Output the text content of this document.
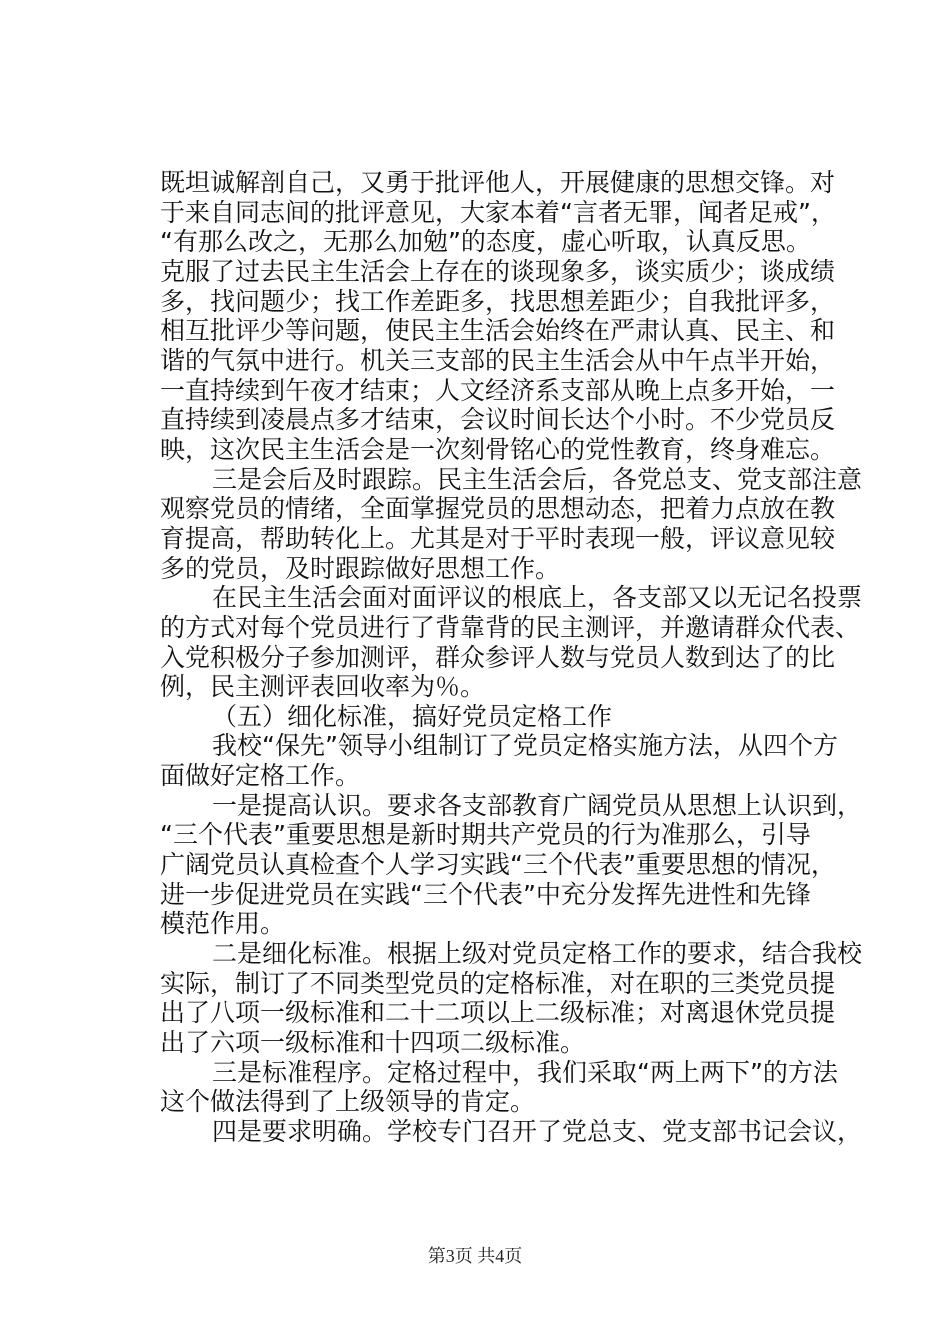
既坦诚解剖自己，又勇于批评他人，开展健康的思想交锋。对
于来自同志间的批评意见，大家本着“言者无罪，闻者足戒”，
“有那么改之，无那么加勉”的态度，虚心听取，认真反思。
克服了过去民主生活会上存在的谈现象多，谈实质少；谈成绩
多，找问题少；找工作差距多，找思想差距少；自我批评多，
相互批评少等问题，使民主生活会始终在严肃认真、民主、和
谐的气氛中进行。机关三支部的民主生活会从中午点半开始，
一直持续到午夜才结束；人文经济系支部从晚上点多开始，一
直持续到凌晨点多才结束，会议时间长达个小时。不少党员反
映，这次民主生活会是一次刻骨铭心的党性教育，终身难忘。
三是会后及时跟踪。民主生活会后，各党总支、党支部注意
观察党员的情绪，全面掌握党员的思想动态，把着力点放在教
育提高，帮助转化上。尤其是对于平时表现一般，评议意见较
多的党员，及时跟踪做好思想工作。
在民主生活会面对面评议的根底上，各支部又以无记名投票
的方式对每个党员进行了背靠背的民主测评，并邀请群众代表、
入党积极分子参加测评，群众参评人数与党员人数到达了的比
例，民主测评表回收率为％。
（五）细化标准，搞好党员定格工作
我校“保先”领导小组制订了党员定格实施方法，从四个方
面做好定格工作。
一是提高认识。要求各支部教育广阔党员从思想上认识到，
“三个代表”重要思想是新时期共产党员的行为准那么，引导
广阔党员认真检查个人学习实践“三个代表”重要思想的情况，
进一步促进党员在实践“三个代表”中充分发挥先进性和先锋
模范作用。
二是细化标准。根据上级对党员定格工作的要求，结合我校
实际，制订了不同类型党员的定格标准，对在职的三类党员提
出了八项一级标准和二十二项以上二级标准；对离退休党员提
出了六项一级标准和十四项二级标准。
三是标准程序。定格过程中，我们采取“两上两下”的方法
这个做法得到了上级领导的肯定。
四是要求明确。学校专门召开了党总支、党支部书记会议，
第3页 共4页
